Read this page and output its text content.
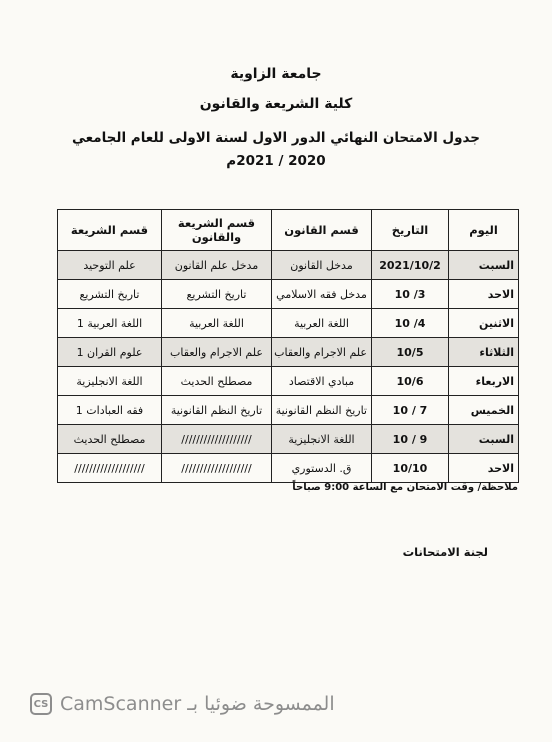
جامعة الزاوية
كلية الشريعة والقانون
جدول الامتحان النهائي الدور الاول لسنة الاولى للعام الجامعي
2020 / 2021م
اليوم	التاريخ	قسم القانون	قسم الشريعة والقانون	قسم الشريعة
السبت	2021/10/2	مدخل القانون	مدخل علم القانون	علم التوحيد
الاحد	3/ 10	مدخل فقه الاسلامي	تاريخ التشريع	تاريخ التشريع
الاثنين	4/ 10	اللغة العربية	اللغة العربية	اللغة العربية 1
الثلاثاء	10/5	علم الاجرام والعقاب	علم الاجرام والعقاب	علوم القران 1
الاربعاء	10/6	مبادي الاقتصاد	مصطلح الحديث	اللغة الانجليزية
الخميس	7 / 10	تاريخ النظم القانونية	تاريخ النظم القانونية	فقه العبادات 1
السبت	9 / 10	اللغة الانجليزية	///////////////////	مصطلح الحديث
الاحد	10/10	ق. الدستوري	///////////////////	///////////////////
ملاحظة/ وقت الامتحان مع الساعة 9:00 صباحاً
لجنة الامتحانات
CS CamScanner الممسوحة ضوئيا بـ
